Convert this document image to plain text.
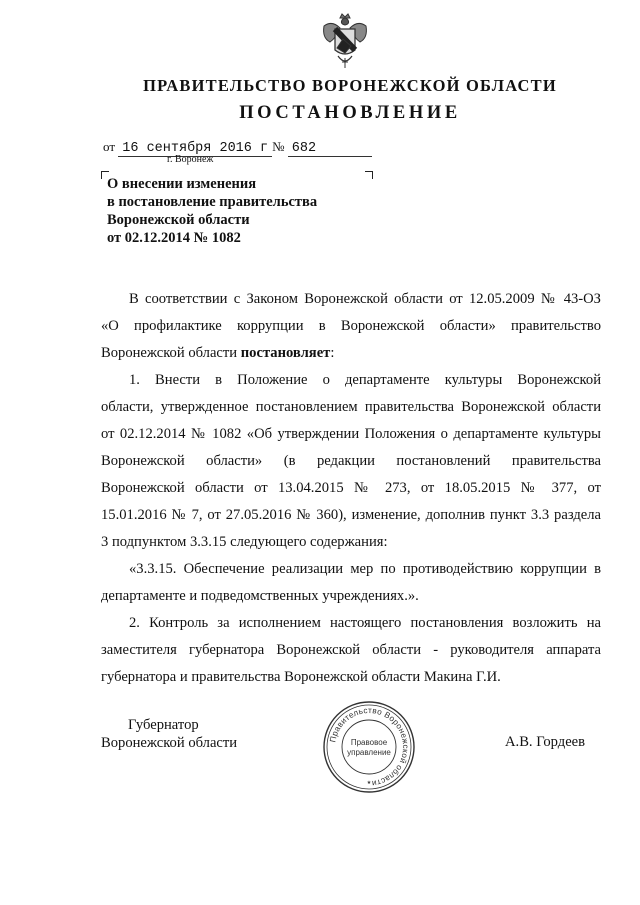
ПРАВИТЕЛЬСТВО ВОРОНЕЖСКОЙ ОБЛАСТИ
ПОСТАНОВЛЕНИЕ
от 16 сентября 2016 г № 682
г. Воронеж
О внесении изменения
в постановление правительства
Воронежской области
от 02.12.2014 № 1082
В соответствии с Законом Воронежской области от 12.05.2009 № 43-ОЗ
«О профилактике коррупции в Воронежской области» правительство
Воронежской области постановляет:
1. Внести в Положение о департаменте культуры Воронежской
области, утвержденное постановлением правительства Воронежской области
от 02.12.2014 № 1082 «Об утверждении Положения о департаменте культуры
Воронежской области» (в редакции постановлений правительства
Воронежской области от 13.04.2015 № 273, от 18.05.2015 № 377, от
15.01.2016 № 7, от 27.05.2016 № 360), изменение, дополнив пункт 3.3 раздела
3 подпунктом 3.3.15 следующего содержания:
«3.3.15. Обеспечение реализации мер по противодействию коррупции в
департаменте и подведомственных учреждениях.».
2. Контроль за исполнением настоящего постановления возложить на
заместителя губернатора Воронежской области - руководителя аппарата
губернатора и правительства Воронежской области Макина Г.И.
Губернатор
Воронежской области	А.В. Гордеев
Правительство Воронежской области
Правовое
управление
★
